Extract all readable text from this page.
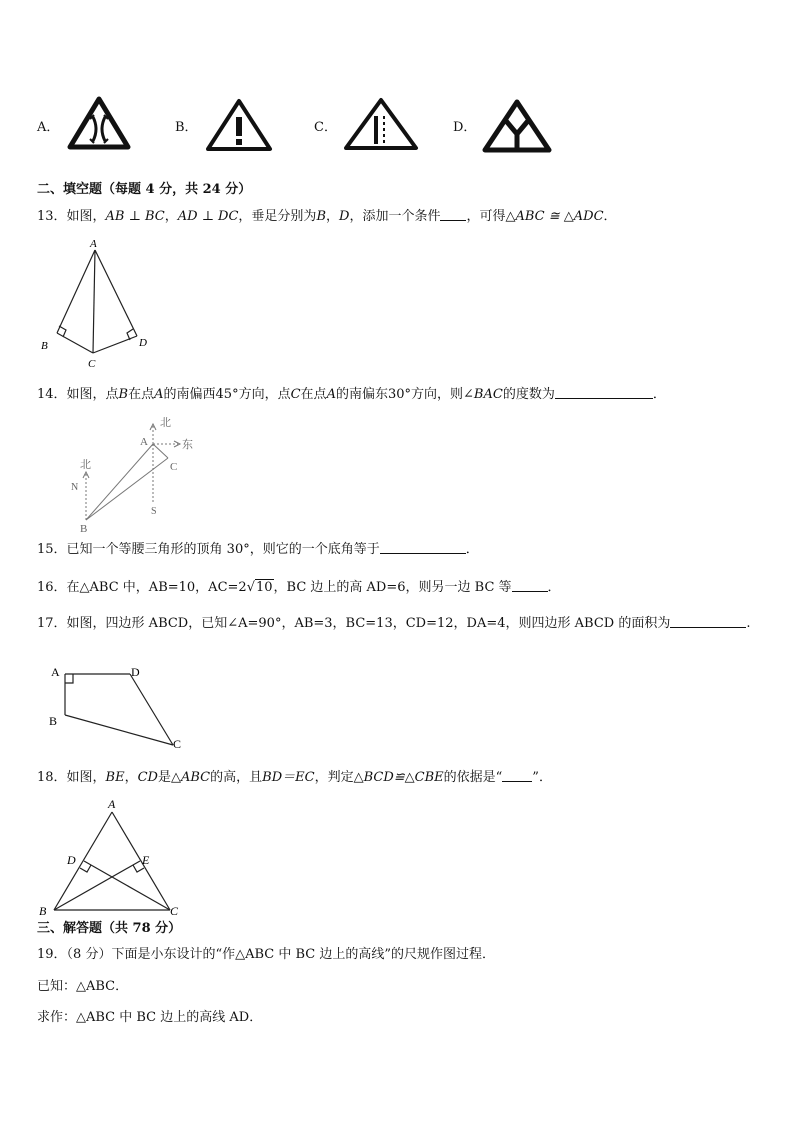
A．	B．	C．	D．
二、填空题（每题 4 分，共 24 分）
13．如图，AB ⊥ BC，AD ⊥ DC，垂足分别为B，D，添加一个条件 ，可得△ABC ≅ △ADC．
A
B
C
D
14．如图，点B在点A的南偏西45°方向，点C在点A的南偏东30°方向，则∠BAC的度数为	．
北
东
A
C
北
N
S
B
15．已知一个等腰三角形的顶角 30°，则它的一个底角等于	．
16．在△ABC 中，AB=10，AC=2√10，BC 边上的高 AD=6，则另一边 BC 等	．
17．如图，四边形 ABCD，已知∠A=90°，AB=3，BC=13，CD=12，DA=4，则四边形 ABCD 的面积为	.
A	D
B
C
18．如图，BE，CD是△ABC的高，且BD＝EC，判定△BCD≌△CBE的依据是“ ”．
A
D	E
B	C
三、解答题（共 78 分）
19．（8 分）下面是小东设计的“作△ABC 中 BC 边上的高线”的尺规作图过程．
已知：△ABC．
求作：△ABC 中 BC 边上的高线 AD．
